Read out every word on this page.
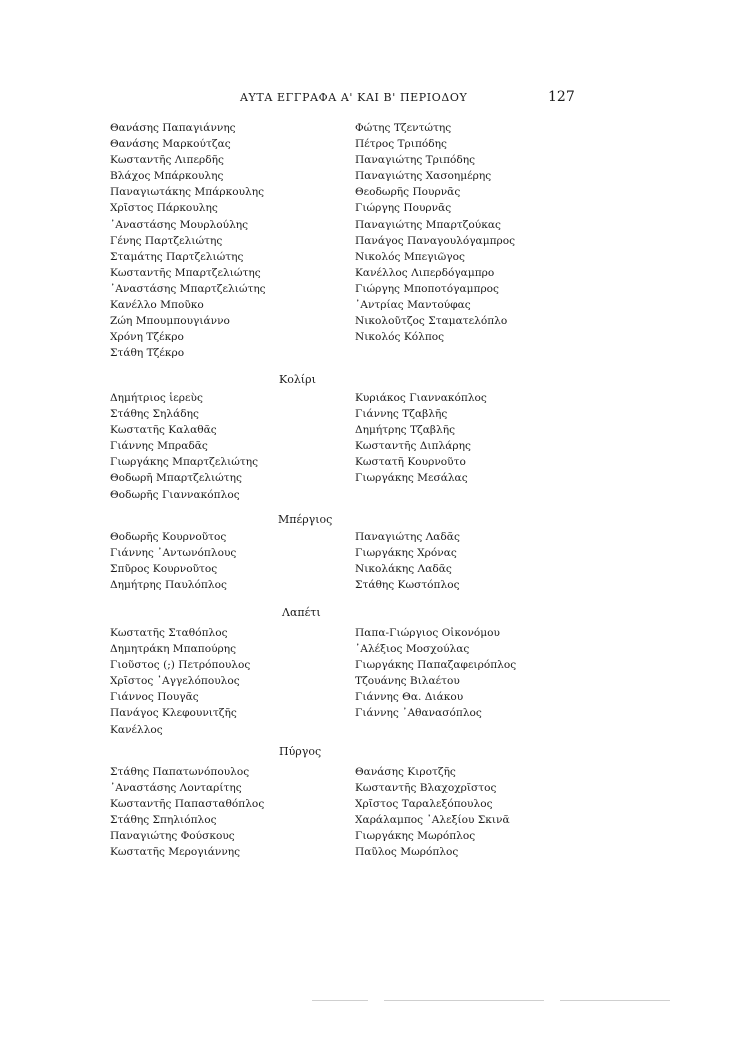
ΑΥΤΑ ΕΓΓΡΑΦΑ Α' ΚΑΙ Β' ΠΕΡΙΟΔΟΥ	127
Θανάσης Παπαγιάννης
Θανάσης Μαρκούτζας
Κωσταντῆς Λιπερδῆς
Βλάχος Μπάρκουλης
Παναγιωτάκης Μπάρκουλης
Χρῖστος Πάρκουλης
᾿Αναστάσης Μουρλούλης
Γένης Παρτζελιώτης
Σταμάτης Παρτζελιώτης
Κωσταντῆς Μπαρτζελιώτης
᾿Αναστάσης Μπαρτζελιώτης
Κανέλλο Μποῦκο
Ζώη Μπουμπουγιάννο
Χρόνη Τζέκρο
Στάθη Τζέκρο
Φώτης Τζεντώτης
Πέτρος Τριπόδης
Παναγιώτης Τριπόδης
Παναγιώτης Χασοημέρης
Θεοδωρῆς Πουρνᾶς
Γιώργης Πουρνᾶς
Παναγιώτης Μπαρτζούκας
Πανάγος Παναγουλόγαμπρος
Νικολός Μπεγιῶγος
Κανέλλος Λιπερδόγαμπρο
Γιώργης Μποποτόγαμπρος
᾿Αντρίας Μαντούφας
Νικολοῦτζος Σταματελόπλο
Νικολός Κόλπος
Κολίρι
Δημήτριος ἱερεὺς
Στάθης Σηλάδης
Κωστατῆς Καλαθᾶς
Γιάννης Μπραδᾶς
Γιωργάκης Μπαρτζελιώτης
Θοδωρῆ Μπαρτζελιώτης
Θοδωρῆς Γιαννακόπλος
Κυριάκος Γιαννακόπλος
Γιάννης Τζαβλῆς
Δημήτρης Τζαβλῆς
Κωσταντῆς Διπλάρης
Κωστατῆ Κουρνοῦτο
Γιωργάκης Μεσάλας
Μπέργιος
Θοδωρῆς Κουρνοῦτος
Γιάννης ᾿Αντωνόπλους
Σπῦρος Κουρνοῦτος
Δημήτρης Παυλόπλος
Παναγιώτης Λαδᾶς
Γιωργάκης Χρόνας
Νικολάκης Λαδᾶς
Στάθης Κωστόπλος
Λαπέτι
Κωστατῆς Σταθόπλος
Δημητράκη Μπαπούρης
Γιοῦστος (;) Πετρόπουλος
Χρῖστος ᾿Αγγελόπουλος
Γιάννος Πουγᾶς
Πανάγος Κλεφουνιτζῆς
Κανέλλος
Παπα-Γιώργιος Οἰκονόμου
᾿Αλέξιος Μοσχούλας
Γιωργάκης Παπαζαφειρόπλος
Τζουάνης Βιλαέτου
Γιάννης Θα. Διάκου
Γιάννης ᾿Αθανασόπλος
Πύργος
Στάθης Παπατωνόπουλος
᾿Αναστάσης Λονταρίτης
Κωσταντῆς Παπασταθόπλος
Στάθης Σπηλιόπλος
Παναγιώτης Φούσκους
Κωστατῆς Μερογιάννης
Θανάσης Κιροτζῆς
Κωσταντῆς Βλαχοχρῖστος
Χρῖστος Ταραλεξόπουλος
Χαράλαμπος ᾿Αλεξίου Σκινᾶ
Γιωργάκης Μωρόπλος
Παῦλος Μωρόπλος
